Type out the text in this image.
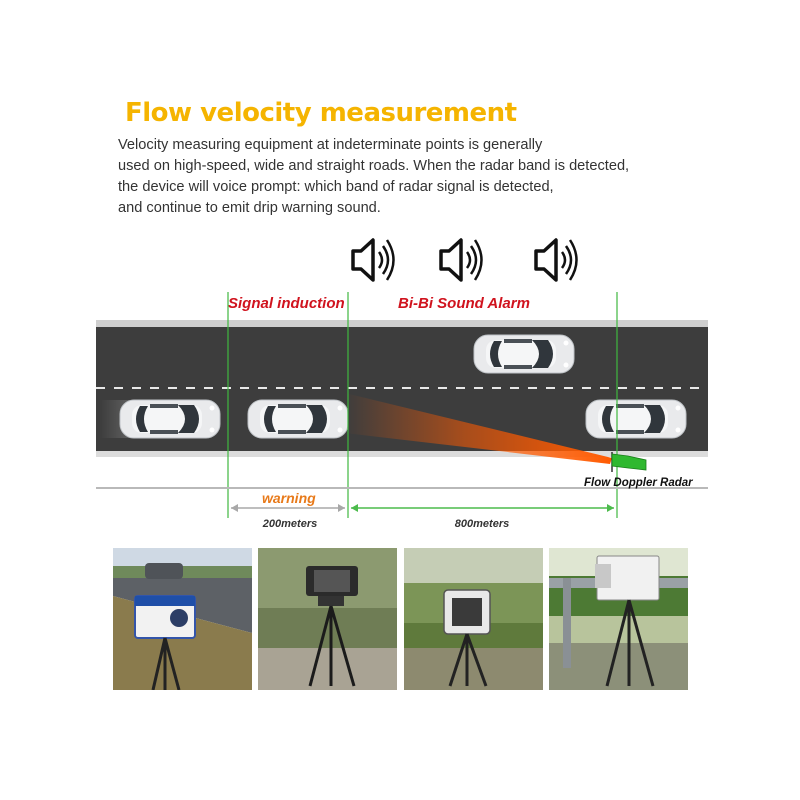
Flow velocity measurement
Velocity measuring equipment at indeterminate points is generally
used on high-speed, wide and straight roads. When the radar band is detected,
the device will voice prompt: which band of radar signal is detected,
and continue to emit drip warning sound.
Signal induction	Bi-Bi Sound Alarm
Flow Doppler Radar
warning
200meters	800meters
